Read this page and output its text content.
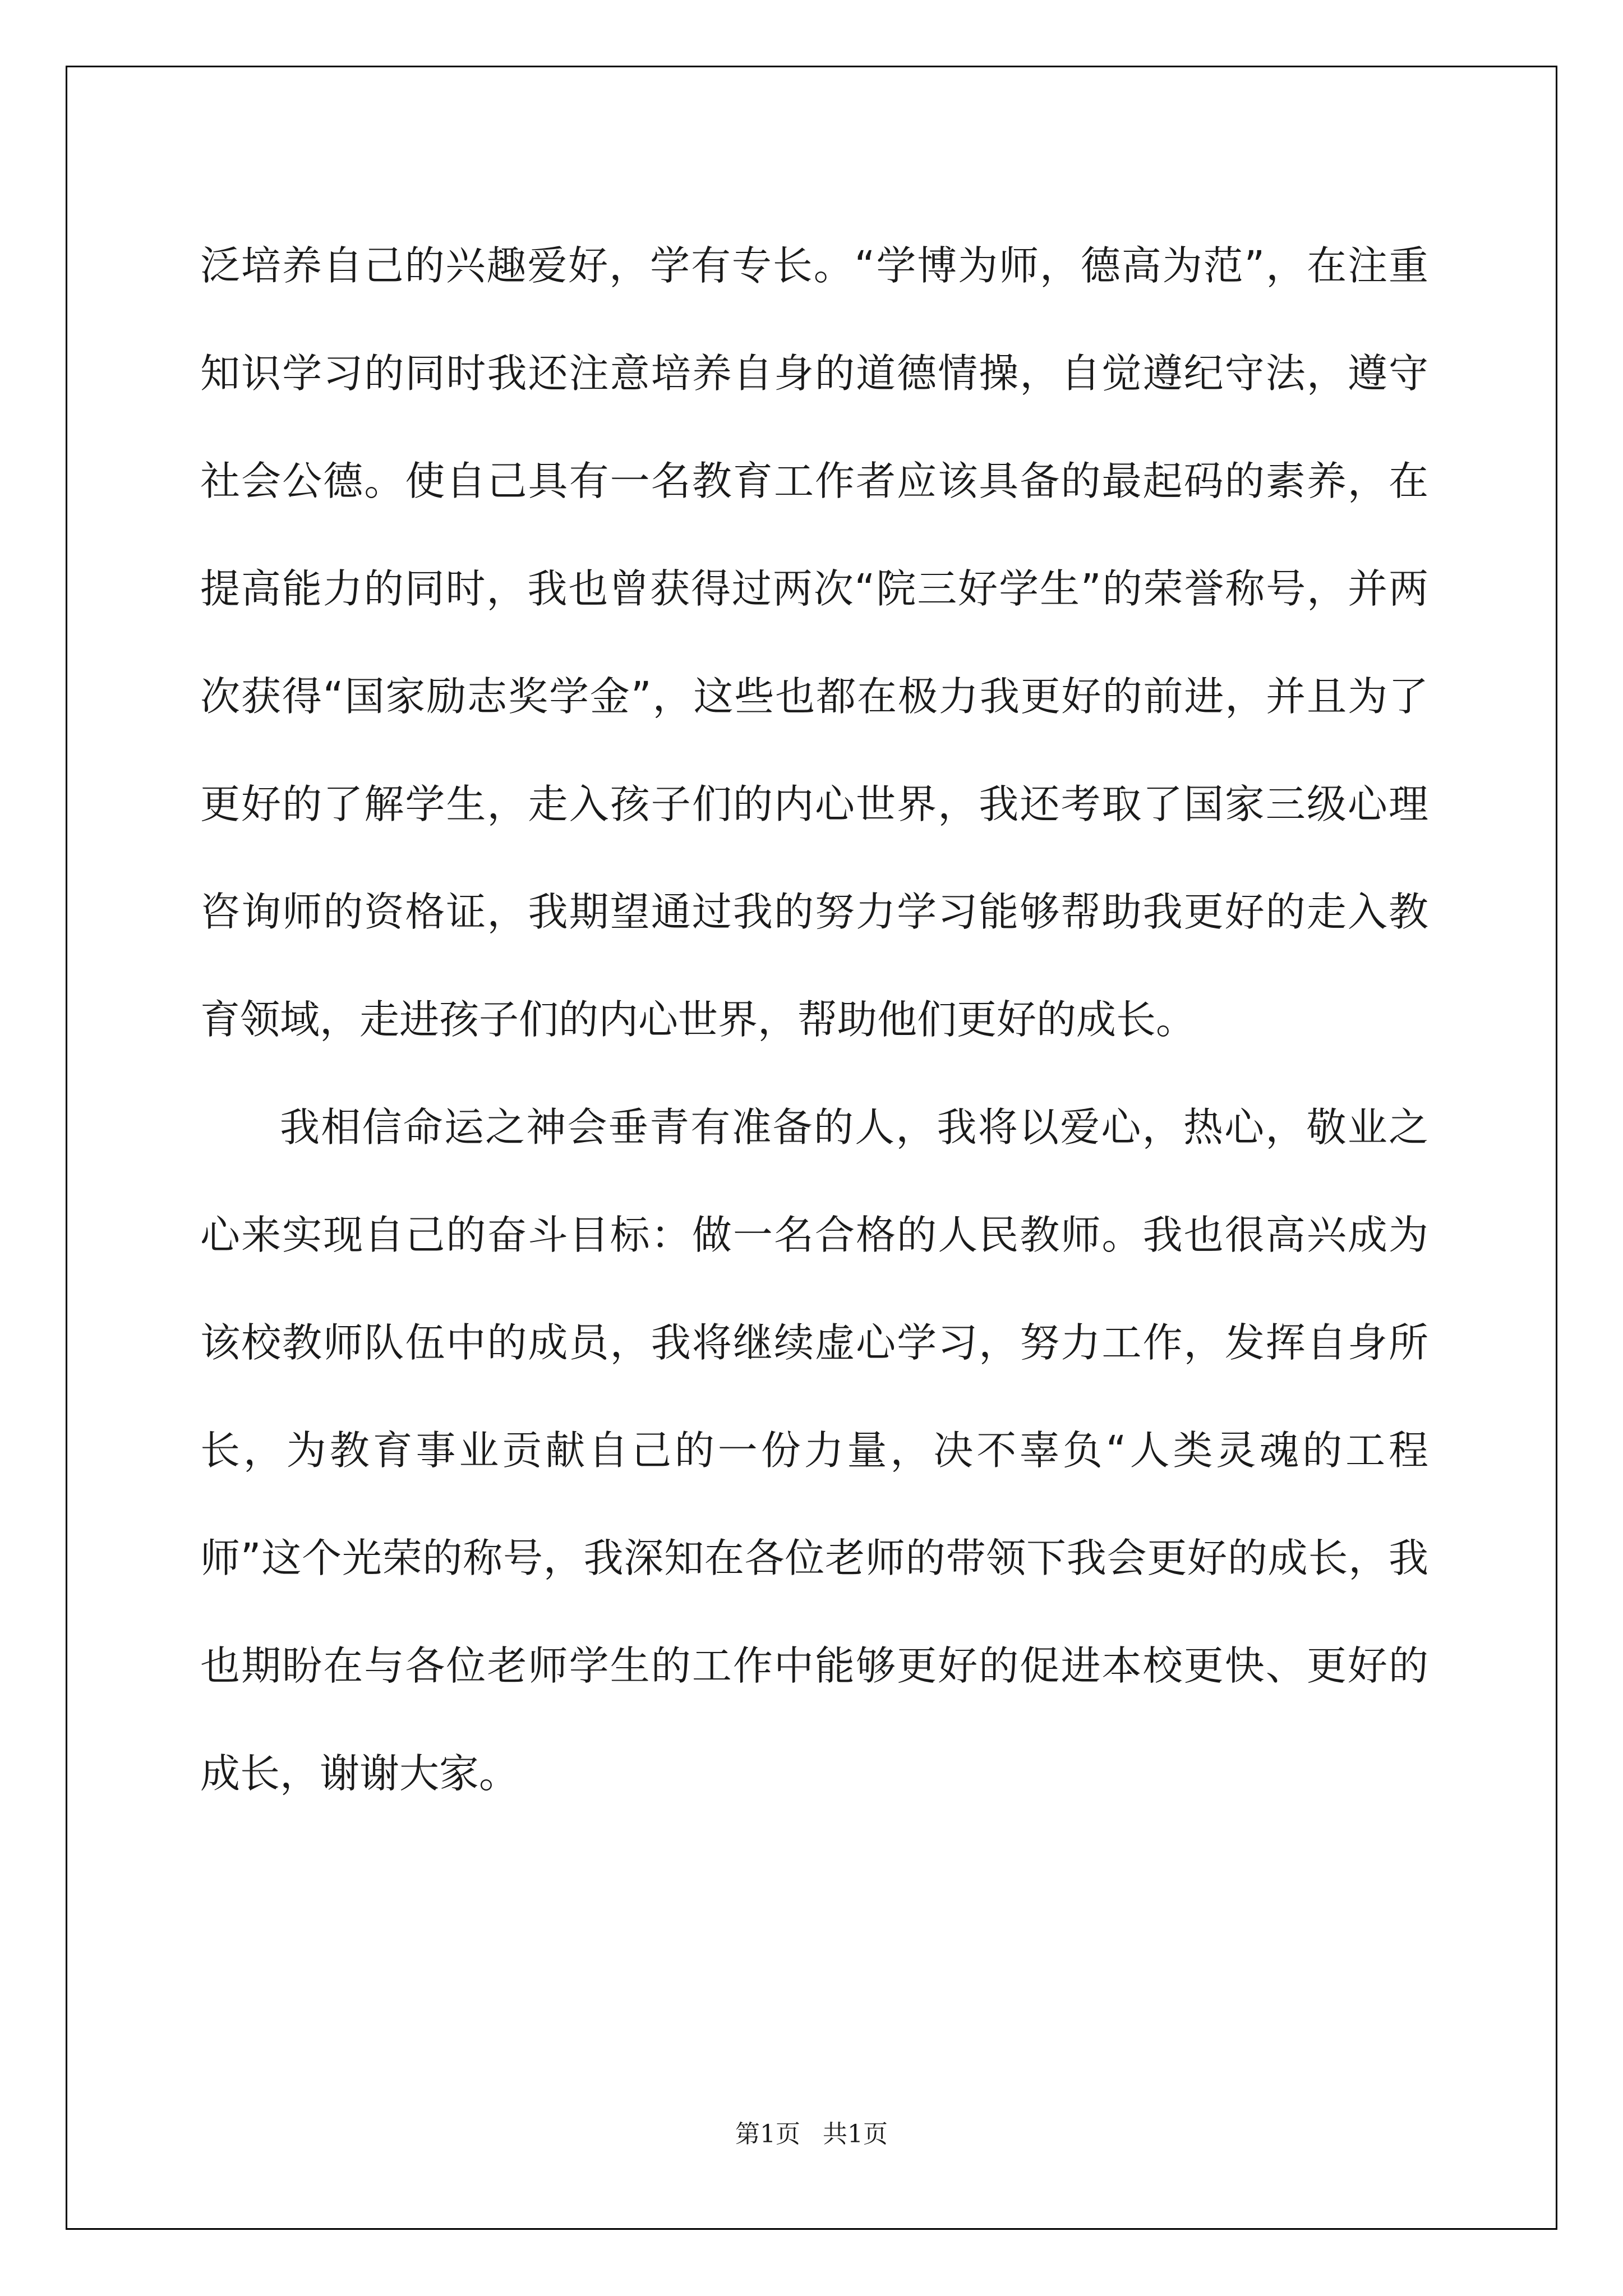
泛培养自己的兴趣爱好，学有专长。“学博为师，德高为范”，在注重知识学习的同时我还注意培养自身的道德情操，自觉遵纪守法，遵守社会公德。使自己具有一名教育工作者应该具备的最起码的素养，在提高能力的同时，我也曾获得过两次“院三好学生”的荣誉称号，并两次获得“国家励志奖学金”，这些也都在极力我更好的前进，并且为了更好的了解学生，走入孩子们的内心世界，我还考取了国家三级心理咨询师的资格证，我期望通过我的努力学习能够帮助我更好的走入教育领域，走进孩子们的内心世界，帮助他们更好的成长。

我相信命运之神会垂青有准备的人，我将以爱心，热心，敬业之心来实现自己的奋斗目标：做一名合格的人民教师。我也很高兴成为该校教师队伍中的成员，我将继续虚心学习，努力工作，发挥自身所长，为教育事业贡献自己的一份力量，决不辜负“人类灵魂的工程师”这个光荣的称号，我深知在各位老师的带领下我会更好的成长，我也期盼在与各位老师学生的工作中能够更好的促进本校更快、更好的成长，谢谢大家。

第1页 共1页
